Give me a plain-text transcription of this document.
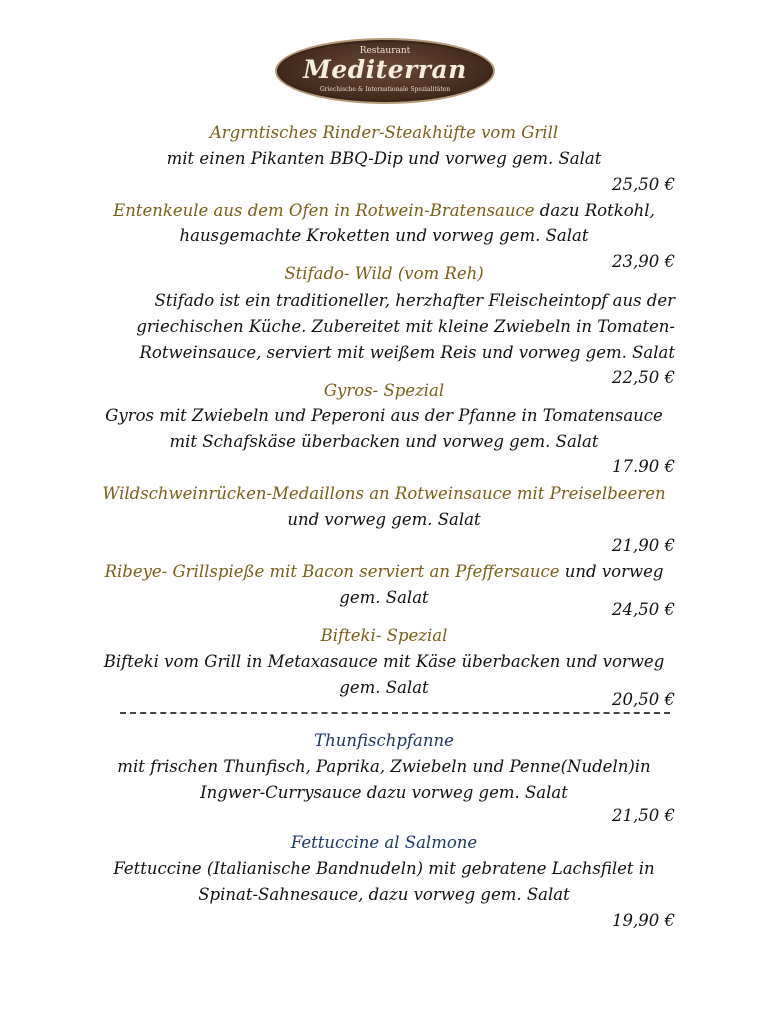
Restaurant
Mediterran
Griechische & Internationale Spezialitäten
Argrntisches Rinder-Steakhüfte vom Grill
mit einen Pikanten BBQ-Dip und vorweg gem. Salat
25,50 €
Entenkeule aus dem Ofen in Rotwein-Bratensauce dazu Rotkohl,
hausgemachte Kroketten und vorweg gem. Salat
23,90 €
Stifado- Wild (vom Reh)
Stifado ist ein traditioneller, herzhafter Fleischeintopf aus der
griechischen Küche. Zubereitet mit kleine Zwiebeln in Tomaten-
Rotweinsauce, serviert mit weißem Reis und vorweg gem. Salat
22,50 €
Gyros- Spezial
Gyros mit Zwiebeln und Peperoni aus der Pfanne in Tomatensauce
mit Schafskäse überbacken und vorweg gem. Salat
17.90 €
Wildschweinrücken-Medaillons an Rotweinsauce mit Preiselbeeren
und vorweg gem. Salat
21,90 €
Ribeye- Grillspieße mit Bacon serviert an Pfeffersauce und vorweg
gem. Salat
24,50 €
Bifteki- Spezial
Bifteki vom Grill in Metaxasauce mit Käse überbacken und vorweg
gem. Salat
20,50 €
Thunfischpfanne
mit frischen Thunfisch, Paprika, Zwiebeln und Penne(Nudeln)in
Ingwer-Currysauce dazu vorweg gem. Salat
21,50 €
Fettuccine al Salmone
Fettuccine (Italianische Bandnudeln) mit gebratene Lachsfilet in
Spinat-Sahnesauce, dazu vorweg gem. Salat
19,90 €
